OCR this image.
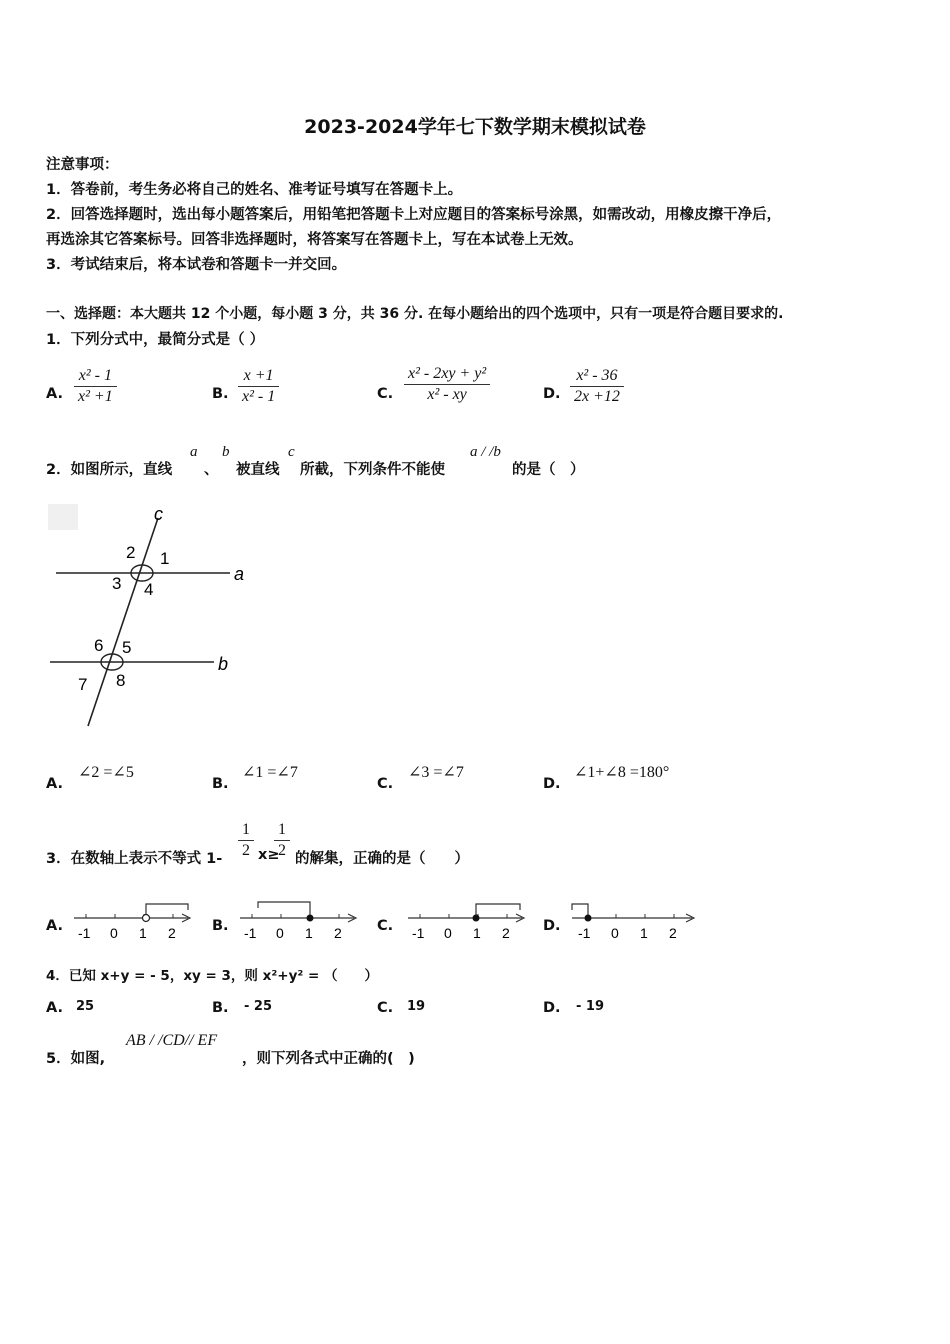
2023-2024学年七下数学期末模拟试卷
注意事项：
1．答卷前，考生务必将自己的姓名、准考证号填写在答题卡上。
2．回答选择题时，选出每小题答案后，用铅笔把答题卡上对应题目的答案标号涂黑，如需改动，用橡皮擦干净后，
再选涂其它答案标号。回答非选择题时，将答案写在答题卡上，写在本试卷上无效。
3．考试结束后，将本试卷和答题卡一并交回。
一、选择题：本大题共 12 个小题，每小题 3 分，共 36 分. 在每小题给出的四个选项中，只有一项是符合题目要求的.
1．下列分式中，最简分式是（ ）
A.
x² - 1
x² +1	B.
x +1
x² - 1	C.
x² - 2xy + y²
x² - xy	D.
x² - 36
2x +12
2．如图所示，直线
a
、
b
被直线
c
所截，下列条件不能使
a / /b
的是（　）
c
a
b
2 1
3 4
6 5
7 8
A.
∠2 =∠5
B.
∠1 =∠7
C.
∠3 =∠7
D.
∠1+∠8 =180°
3．在数轴上表示不等式 1-
1
2 x≥
1
2 的解集，正确的是（　　）
A.	B.	C.	D.
-1 0 1 2	-1 0 1 2	-1 0 1 2	-1 0 1 2
4．已知 x+y = - 5，xy = 3，则 x²+y² = （　　）
A. 25	B. - 25	C. 19	D. - 19
5．如图,
AB / /CD// EF
，则下列各式中正确的(　)
